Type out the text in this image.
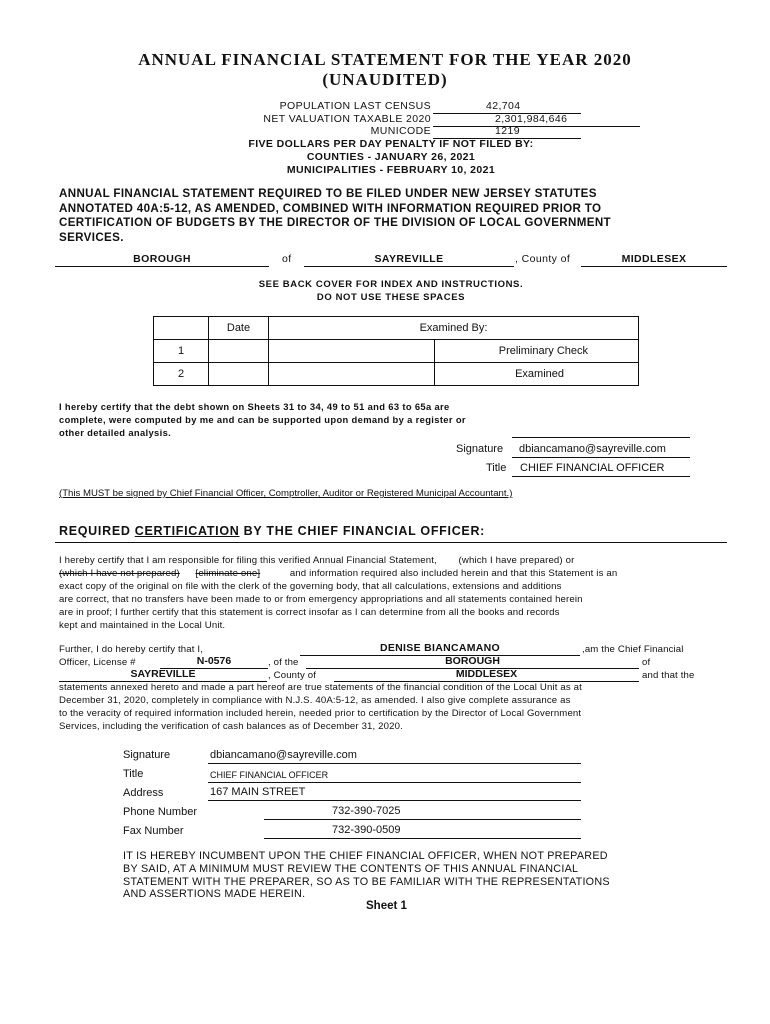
ANNUAL FINANCIAL STATEMENT FOR THE YEAR 2020
(UNAUDITED)
POPULATION LAST CENSUS	42,704
NET VALUATION TAXABLE 2020	2,301,984,646
MUNICODE	1219
FIVE DOLLARS PER DAY PENALTY IF NOT FILED BY:
COUNTIES - JANUARY 26, 2021
MUNICIPALITIES - FEBRUARY 10, 2021
ANNUAL FINANCIAL STATEMENT REQUIRED TO BE FILED UNDER NEW JERSEY STATUTES
ANNOTATED 40A:5-12, AS AMENDED, COMBINED WITH INFORMATION REQUIRED PRIOR TO
CERTIFICATION OF BUDGETS BY THE DIRECTOR OF THE DIVISION OF LOCAL GOVERNMENT
SERVICES.
BOROUGH	of	SAYREVILLE	, County of	MIDDLESEX
SEE BACK COVER FOR INDEX AND INSTRUCTIONS.
DO NOT USE THESE SPACES
	Date	Examined By:	
1			Preliminary Check
2			Examined
I hereby certify that the debt shown on Sheets 31 to 34, 49 to 51 and 63 to 65a are
complete, were computed by me and can be supported upon demand by a register or
other detailed analysis.
Signature dbiancamano@sayreville.com
Title CHIEF FINANCIAL OFFICER
(This MUST be signed by Chief Financial Officer, Comptroller, Auditor or Registered Municipal Accountant.)
REQUIRED CERTIFICATION BY THE CHIEF FINANCIAL OFFICER:
I hereby certify that I am responsible for filing this verified Annual Financial Statement, (which I have prepared) or
(which I have not prepared) [eliminate one]	and information required also included herein and that this Statement is an
exact copy of the original on file with the clerk of the governing body, that all calculations, extensions and additions
are correct, that no transfers have been made to or from emergency appropriations and all statements contained herein
are in proof; I further certify that this statement is correct insofar as I can determine from all the books and records
kept and maintained in the Local Unit.
Further, I do hereby certify that I,	DENISE BIANCAMANO	,am the Chief Financial
Officer, License #	N-0576	, of the	BOROUGH	of
SAYREVILLE	, County of	MIDDLESEX	and that the
statements annexed hereto and made a part hereof are true statements of the financial condition of the Local Unit as at
December 31, 2020, completely in compliance with N.J.S. 40A:5-12, as amended. I also give complete assurance as
to the veracity of required information included herein, needed prior to certification by the Director of Local Government
Services, including the verification of cash balances as of December 31, 2020.
Signature	dbiancamano@sayreville.com
Title	CHIEF FINANCIAL OFFICER
Address	167 MAIN STREET
Phone Number	732-390-7025
Fax Number	732-390-0509
IT IS HEREBY INCUMBENT UPON THE CHIEF FINANCIAL OFFICER, WHEN NOT PREPARED
BY SAID, AT A MINIMUM MUST REVIEW THE CONTENTS OF THIS ANNUAL FINANCIAL
STATEMENT WITH THE PREPARER, SO AS TO BE FAMILIAR WITH THE REPRESENTATIONS
AND ASSERTIONS MADE HEREIN.
Sheet 1
